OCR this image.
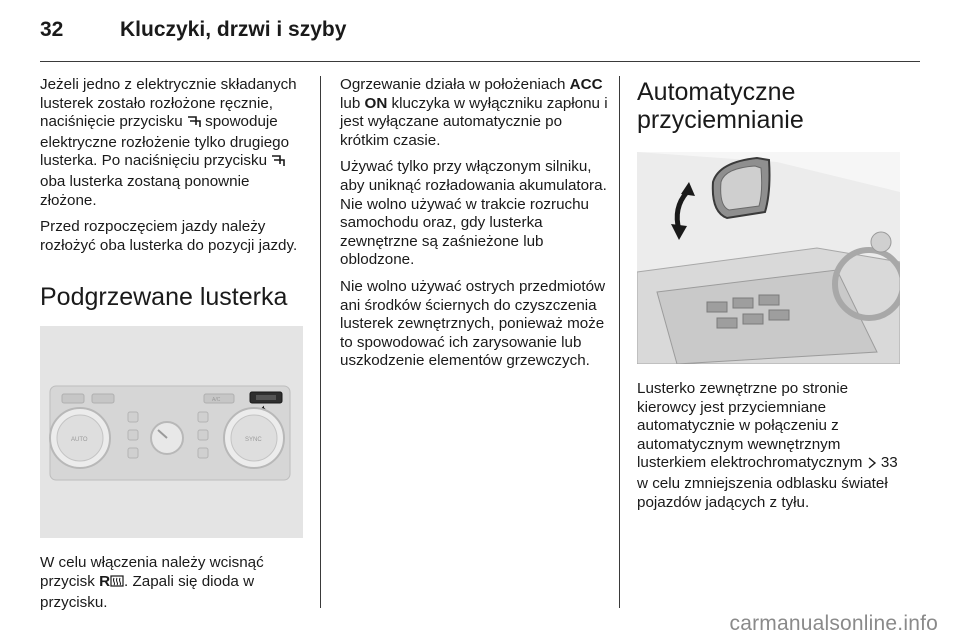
32	Kluczyki, drzwi i szyby

Jeżeli jedno z elektrycznie składanych lusterek zostało rozłożone ręcznie, naciśnięcie przycisku  spowoduje elektryczne rozłożenie tylko drugiego lusterka. Po naciśnięciu przycisku  oba lusterka zostaną ponownie złożone.

Przed rozpoczęciem jazdy należy rozłożyć oba lusterka do pozycji jazdy.

Podgrzewane lusterka
A/C
AUTO	SYNC

W celu włączenia należy wcisnąć przycisk R . Zapali się dioda w przycisku.

Ogrzewanie działa w położeniach ACC lub ON kluczyka w wyłączniku zapłonu i jest wyłączane automatycznie po krótkim czasie.

Używać tylko przy włączonym silniku, aby uniknąć rozładowania akumulatora. Nie wolno używać w trakcie rozruchu samochodu oraz, gdy lusterka zewnętrzne są zaśnieżone lub oblodzone.

Nie wolno używać ostrych przedmiotów ani środków ściernych do czyszczenia lusterek zewnętrznych, ponieważ może to spowodować ich zarysowanie lub uszkodzenie elementów grzewczych.

Automatyczne
przyciemnianie

Lusterko zewnętrzne po stronie kierowcy jest przyciemniane automatycznie w połączeniu z automatycznym wewnętrznym lusterkiem elektrochromatycznym  33 w celu zmniejszenia odblasku świateł pojazdów jadących z tyłu.

carmanualsonline.info
